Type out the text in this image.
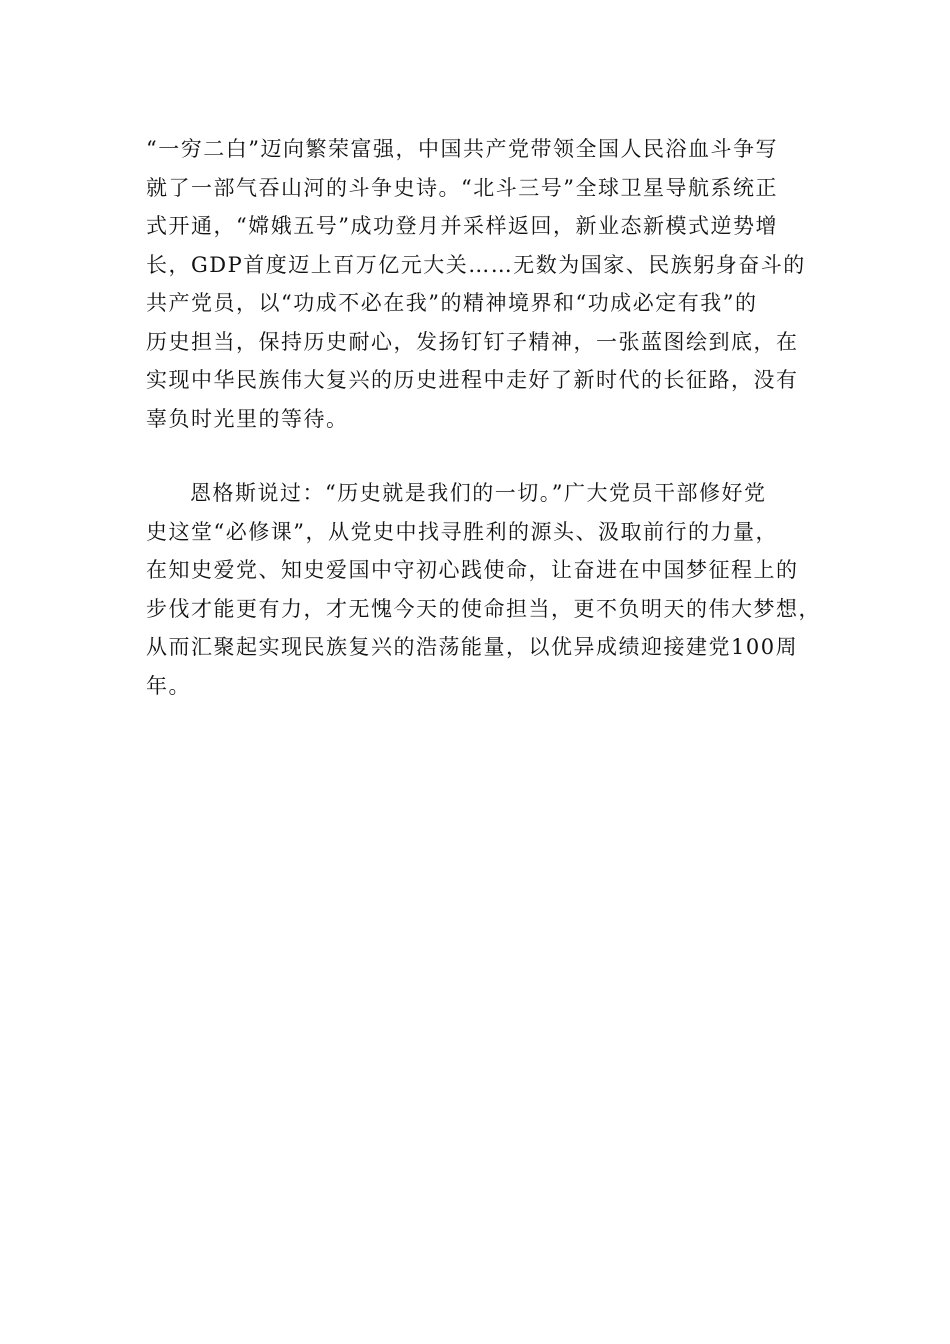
“一穷二白”迈向繁荣富强，中国共产党带领全国人民浴血斗争写
就了一部气吞山河的斗争史诗。“北斗三号”全球卫星导航系统正
式开通，“嫦娥五号”成功登月并采样返回，新业态新模式逆势增
长，GDP首度迈上百万亿元大关……无数为国家、民族躬身奋斗的
共产党员，以“功成不必在我”的精神境界和“功成必定有我”的
历史担当，保持历史耐心，发扬钉钉子精神，一张蓝图绘到底，在
实现中华民族伟大复兴的历史进程中走好了新时代的长征路，没有
辜负时光里的等待。

恩格斯说过：“历史就是我们的一切。”广大党员干部修好党
史这堂“必修课”，从党史中找寻胜利的源头、汲取前行的力量，
在知史爱党、知史爱国中守初心践使命，让奋进在中国梦征程上的
步伐才能更有力，才无愧今天的使命担当，更不负明天的伟大梦想，
从而汇聚起实现民族复兴的浩荡能量，以优异成绩迎接建党100周
年。
